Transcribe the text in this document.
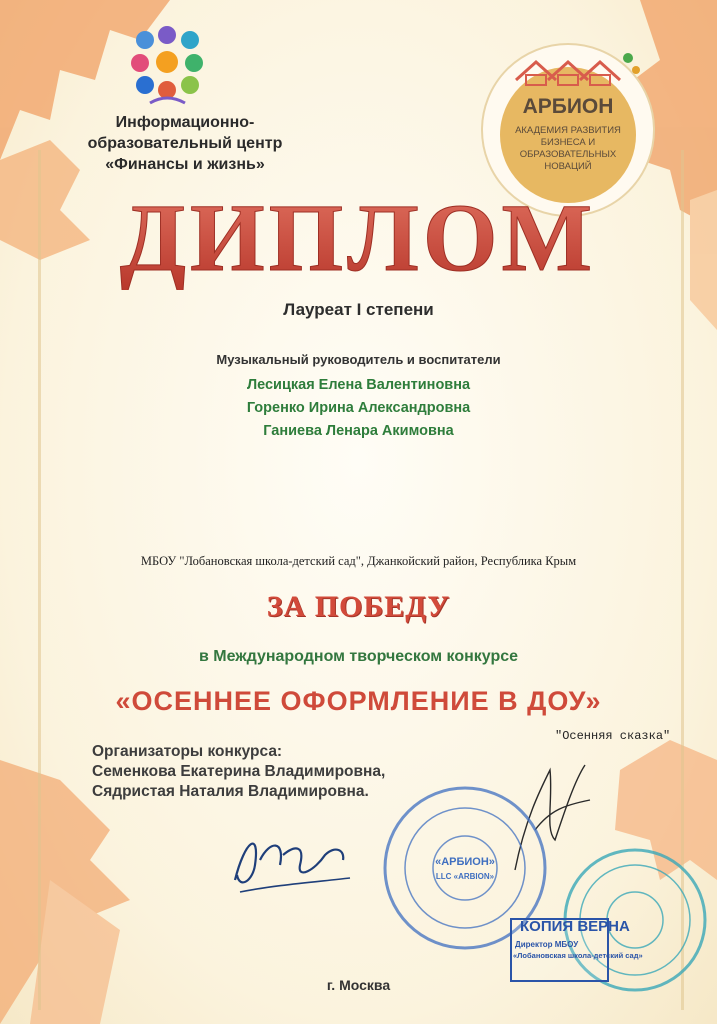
Информационно-
образовательный центр
«Финансы и жизнь»
АРБИОН
АКАДЕМИЯ РАЗВИТИЯ
БИЗНЕСА И
ОБРАЗОВАТЕЛЬНЫХ
НОВАЦИЙ
ДИПЛОМ
Лауреат I степени
Музыкальный руководитель и воспитатели
Лесицкая Елена Валентиновна
Горенко Ирина Александровна
Ганиева Ленара Акимовна
МБОУ "Лобановская школа-детский сад", Джанкойский район, Республика Крым
ЗА ПОБЕДУ
в Международном творческом конкурсе
«ОСЕННЕЕ ОФОРМЛЕНИЕ В ДОУ»
"Осенняя сказка"
Организаторы конкурса:
Семенкова Екатерина Владимировна,
Сядристая Наталия Владимировна.
«АРБИОН»
LLC «ARBION»
КОПИЯ ВЕРНА
Директор МБОУ
«Лобановская школа-детский сад»
г. Москва
